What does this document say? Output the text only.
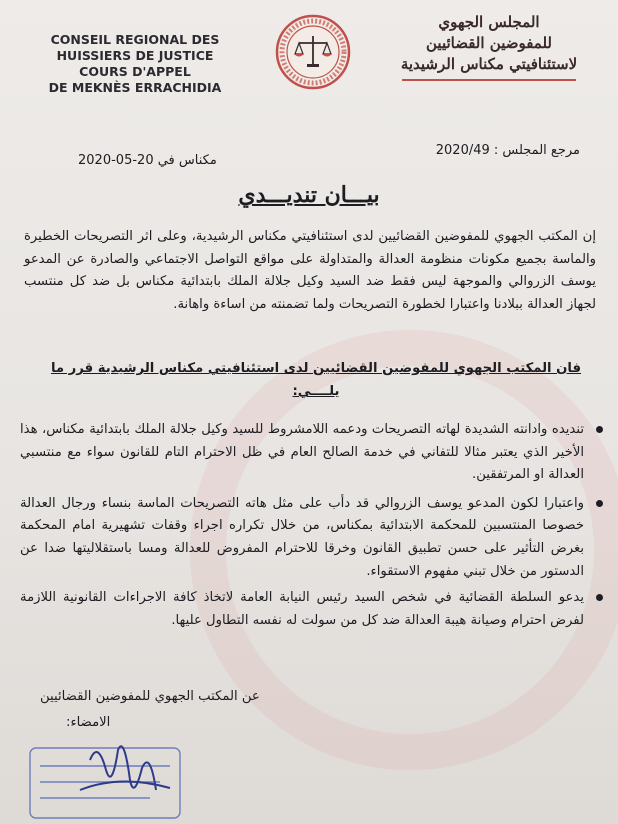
CONSEIL REGIONAL DES
HUISSIERS DE JUSTICE
COURS D'APPEL
DE MEKNÈS ERRACHIDIA
المجلس الجهوي
للمفوضين القضائيين
لاستئنافيتي مكناس الرشيدية
مرجع المجلس : 2020/49
مكناس في 20-05-2020
بيـــان تنديـــدي
إن المكتب الجهوي للمفوضين القضائيين لدى استئنافيتي مكناس الرشيدية، وعلى اثر التصريحات الخطيرة والماسة بجميع مكونات منظومة العدالة والمتداولة على مواقع التواصل الاجتماعي والصادرة عن المدعو يوسف الزروالي والموجهة ليس فقط ضد السيد وكيل جلالة الملك بابتدائية مكناس بل ضد كل منتسب لجهاز العدالة ببلادنا واعتبارا لخطورة التصريحات ولما تضمنته من اساءة واهانة.
فان المكتب الجهوي للمفوضين القضائيين لدى استئنافيتي مكناس الرشيدية قرر ما يلــــي:
تنديده وادانته الشديدة لهاته التصريحات ودعمه اللامشروط للسيد وكيل جلالة الملك بابتدائية مكناس، هذا الأخير الذي يعتبر مثالا للتفاني في خدمة الصالح العام في ظل الاحترام التام للقانون سواء مع منتسبي العدالة او المرتفقين.
واعتبارا لكون المدعو يوسف الزروالي قد دأب على مثل هاته التصريحات الماسة بنساء ورجال العدالة خصوصا المنتسبين للمحكمة الابتدائية بمكناس، من خلال تكراره اجراء وقفات تشهيرية امام المحكمة بغرض التأثير على حسن تطبيق القانون وخرقا للاحترام المفروض للعدالة ومسا باستقلاليتها ضدا عن الدستور من خلال تبني مفهوم الاستقواء.
يدعو السلطة القضائية في شخص السيد رئيس النيابة العامة لاتخاذ كافة الاجراءات القانونية اللازمة لفرض احترام وصيانة هيبة العدالة ضد كل من سولت له نفسه التطاول عليها.
عن المكتب الجهوي للمفوضين القضائيين
الامضاء:
